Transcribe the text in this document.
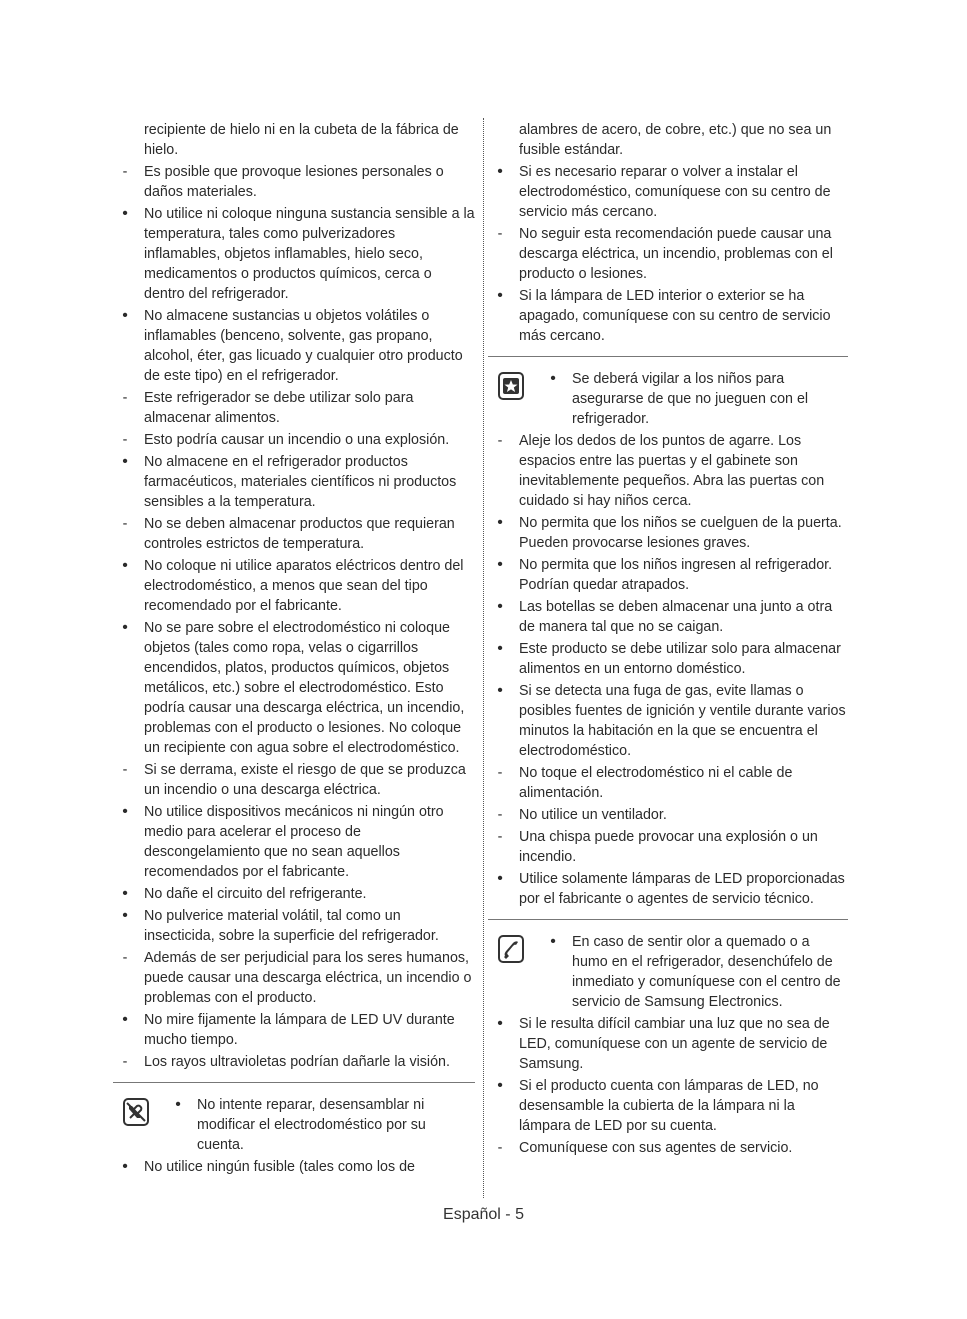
recipiente de hielo ni en la cubeta de la fábrica de hielo.
-	Es posible que provoque lesiones personales o daños materiales.
• No utilice ni coloque ninguna sustancia sensible a la temperatura, tales como pulverizadores inflamables, objetos inflamables, hielo seco, medicamentos o productos químicos, cerca o dentro del refrigerador.
• No almacene sustancias u objetos volátiles o inflamables (benceno, solvente, gas propano, alcohol, éter, gas licuado y cualquier otro producto de este tipo) en el refrigerador.
-	Este refrigerador se debe utilizar solo para almacenar alimentos.
-	Esto podría causar un incendio o una explosión.
• No almacene en el refrigerador productos farmacéuticos, materiales científicos ni productos sensibles a la temperatura.
-	No se deben almacenar productos que requieran controles estrictos de temperatura.
• No coloque ni utilice aparatos eléctricos dentro del electrodoméstico, a menos que sean del tipo recomendado por el fabricante.
• No se pare sobre el electrodoméstico ni coloque objetos (tales como ropa, velas o cigarrillos encendidos, platos, productos químicos, objetos metálicos, etc.) sobre el electrodoméstico. Esto podría causar una descarga eléctrica, un incendio, problemas con el producto o lesiones. No coloque un recipiente con agua sobre el electrodoméstico.
-	Si se derrama, existe el riesgo de que se produzca un incendio o una descarga eléctrica.
• No utilice dispositivos mecánicos ni ningún otro medio para acelerar el proceso de descongelamiento que no sean aquellos recomendados por el fabricante.
• No dañe el circuito del refrigerante.
• No pulverice material volátil, tal como un insecticida, sobre la superficie del refrigerador.
-	Además de ser perjudicial para los seres humanos, puede causar una descarga eléctrica, un incendio o problemas con el producto.
• No mire fijamente la lámpara de LED UV durante mucho tiempo.
-	Los rayos ultravioletas podrían dañarle la visión.
• No intente reparar, desensamblar ni modificar el electrodoméstico por su cuenta.
• No utilice ningún fusible (tales como los de
alambres de acero, de cobre, etc.) que no sea un fusible estándar.
• Si es necesario reparar o volver a instalar el electrodoméstico, comuníquese con su centro de servicio más cercano.
-	No seguir esta recomendación puede causar una descarga eléctrica, un incendio, problemas con el producto o lesiones.
• Si la lámpara de LED interior o exterior se ha apagado, comuníquese con su centro de servicio más cercano.
• Se deberá vigilar a los niños para asegurarse de que no jueguen con el refrigerador.
-	Aleje los dedos de los puntos de agarre. Los espacios entre las puertas y el gabinete son inevitablemente pequeños. Abra las puertas con cuidado si hay niños cerca.
• No permita que los niños se cuelguen de la puerta. Pueden provocarse lesiones graves.
• No permita que los niños ingresen al refrigerador. Podrían quedar atrapados.
• Las botellas se deben almacenar una junto a otra de manera tal que no se caigan.
• Este producto se debe utilizar solo para almacenar alimentos en un entorno doméstico.
• Si se detecta una fuga de gas, evite llamas o posibles fuentes de ignición y ventile durante varios minutos la habitación en la que se encuentra el electrodoméstico.
-	No toque el electrodoméstico ni el cable de alimentación.
-	No utilice un ventilador.
-	Una chispa puede provocar una explosión o un incendio.
• Utilice solamente lámparas de LED proporcionadas por el fabricante o agentes de servicio técnico.
• En caso de sentir olor a quemado o a humo en el refrigerador, desenchúfelo de inmediato y comuníquese con el centro de servicio de Samsung Electronics.
• Si le resulta difícil cambiar una luz que no sea de LED, comuníquese con un agente de servicio de Samsung.
• Si el producto cuenta con lámparas de LED, no desensamble la cubierta de la lámpara ni la lámpara de LED por su cuenta.
-	Comuníquese con sus agentes de servicio.
Español - 5
